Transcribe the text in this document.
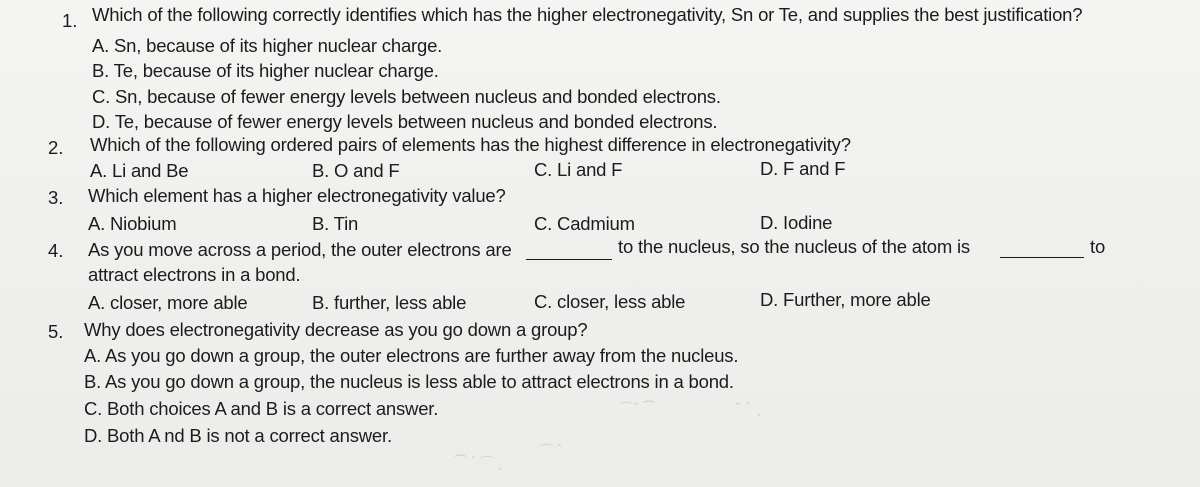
1. Which of the following correctly identifies which has the higher electronegativity, Sn or Te, and supplies the best justification?
A. Sn, because of its higher nuclear charge.
B. Te, because of its higher nuclear charge.
C. Sn, because of fewer energy levels between nucleus and bonded electrons.
D. Te, because of fewer energy levels between nucleus and bonded electrons.
2. Which of the following ordered pairs of elements has the highest difference in electronegativity?
A. Li and Be	B. O and F	C. Li and F	D. F and F
3. Which element has a higher electronegativity value?
A. Niobium	B. Tin	C. Cadmium	D. Iodine
4. As you move across a period, the outer electrons are	to the nucleus, so the nucleus of the atom is	to
attract electrons in a bond.
A. closer, more able	B. further, less able	C. closer, less able	D. Further, more able
5. Why does electronegativity decrease as you go down a group?
A. As you go down a group, the outer electrons are further away from the nucleus.
B. As you go down a group, the nucleus is less able to attract electrons in a bond.
C. Both choices A and B is a correct answer.
D. Both A nd B is not a correct answer.
⁀ ˊ ⌒ ˎ
⌒ ˋ
⌒˘ ⁀	˘ ˋ ˎ
